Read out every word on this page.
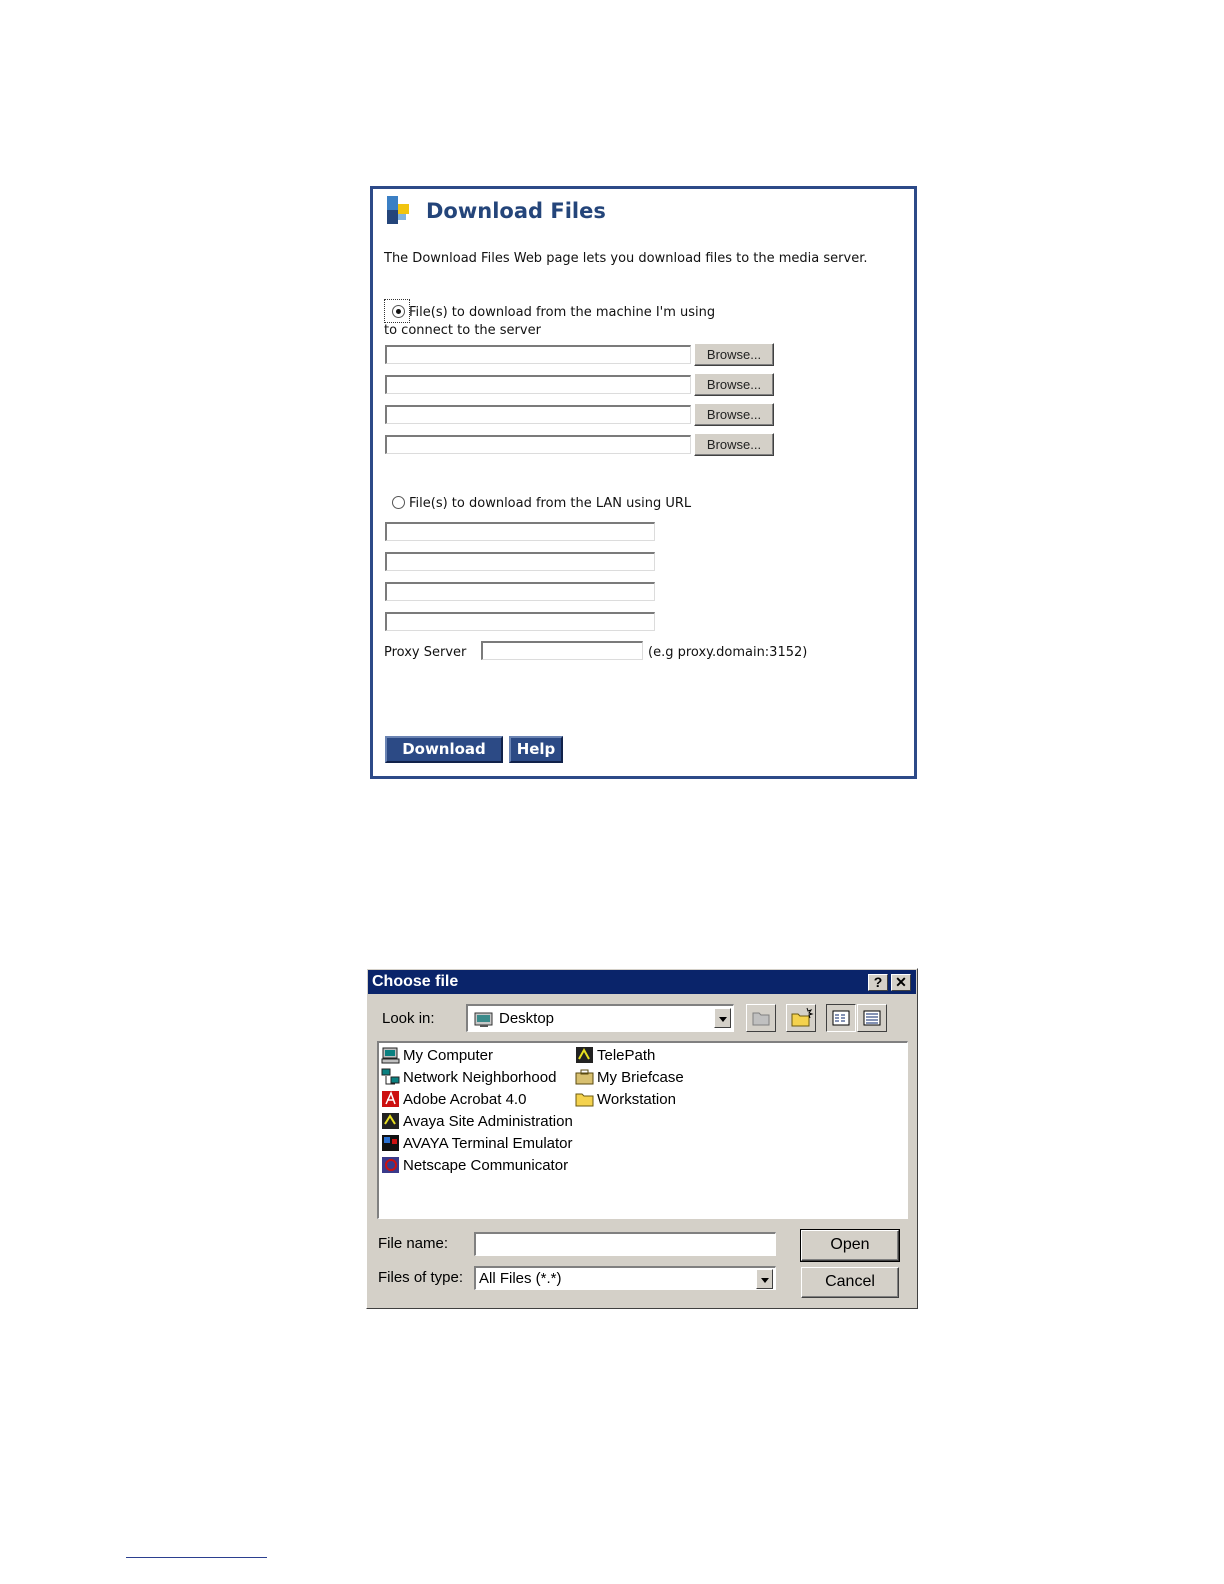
Download Files
The Download Files Web page lets you download files to the media server.
File(s) to download from the machine I'm using
to connect to the server
Browse...
Browse...
Browse...
Browse...
File(s) to download from the LAN using URL
Proxy Server	(e.g proxy.domain:3152)
Download	Help
Choose file	? ✕
Look in:	Desktop
My Computer
Network Neighborhood
Adobe Acrobat 4.0
Avaya Site Administration
AVAYA Terminal Emulator
Netscape Communicator
TelePath
My Briefcase
Workstation
File name:
Files of type: All Files (*.*)
Open
Cancel
